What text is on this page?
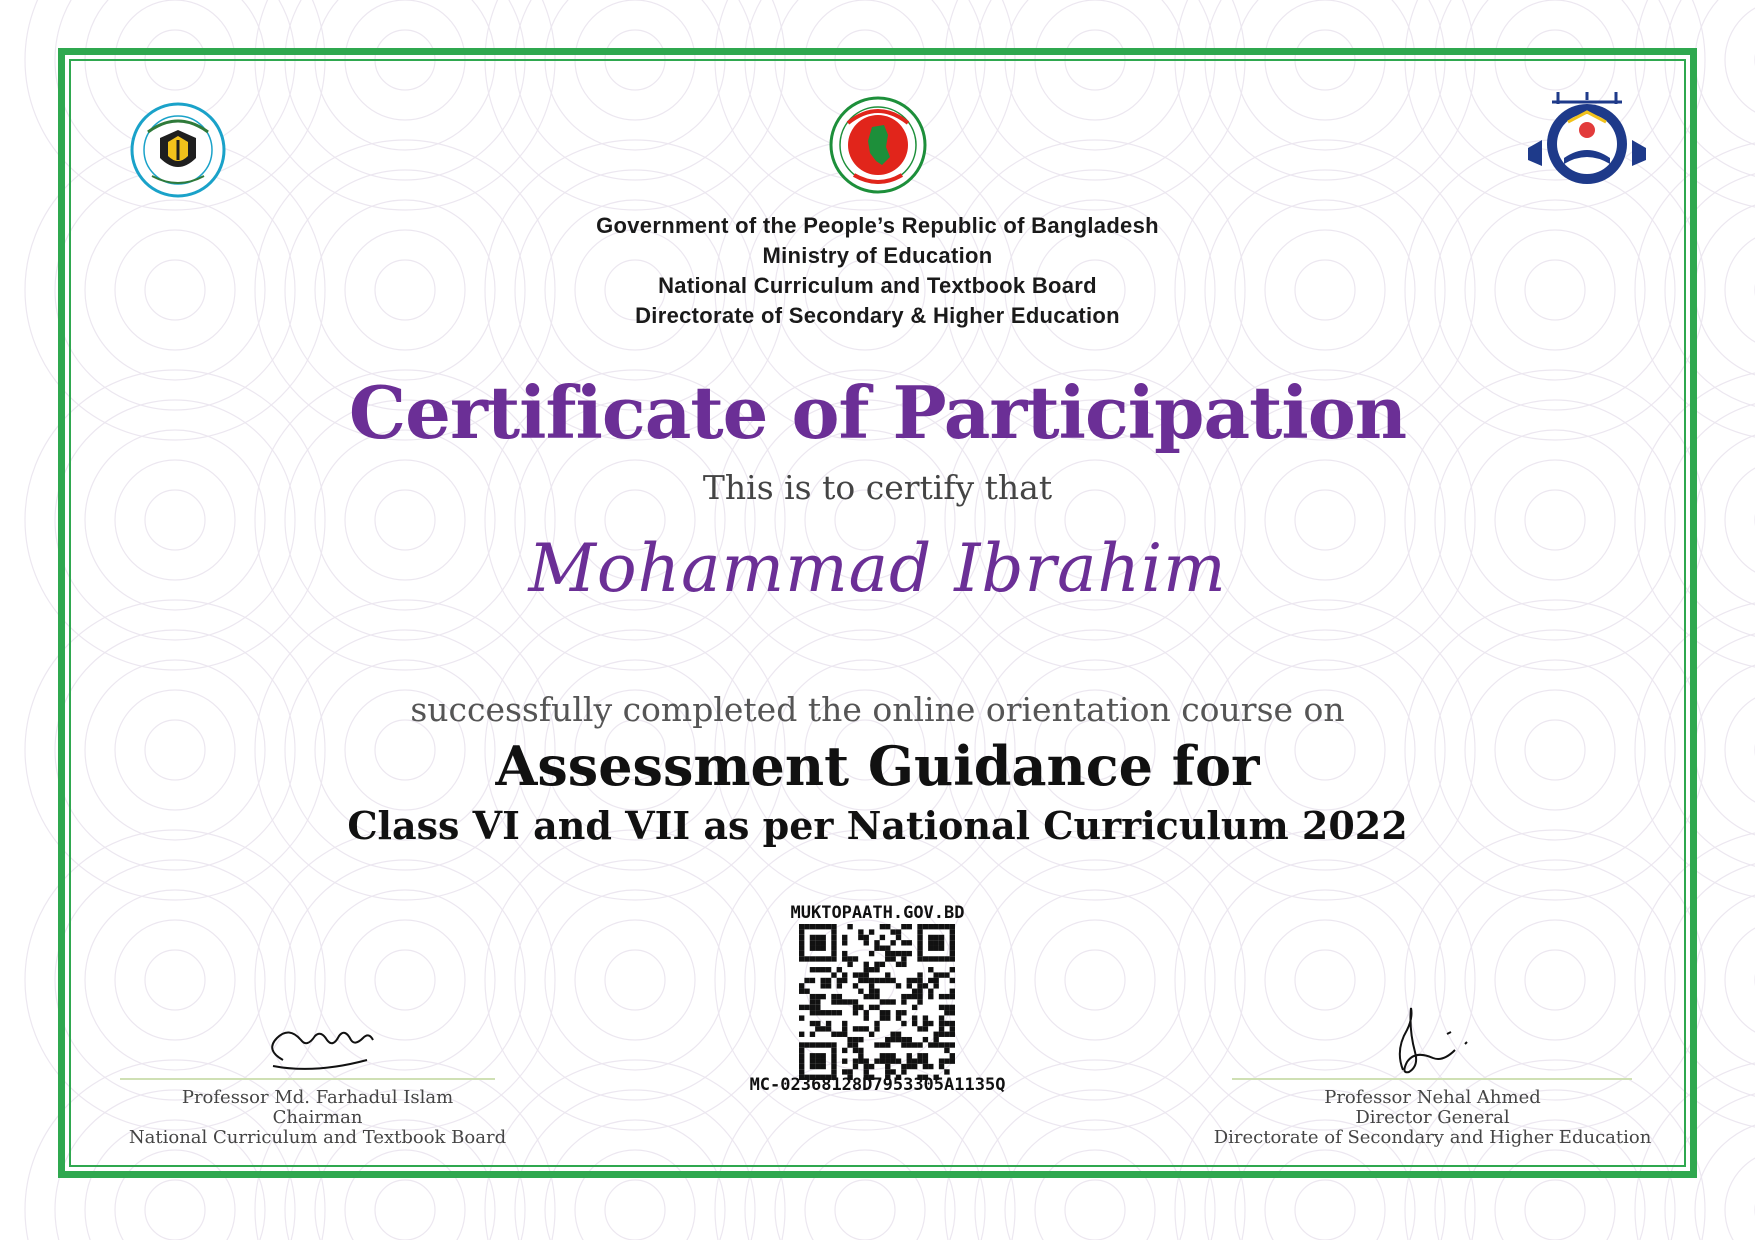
Government of the People’s Republic of Bangladesh
Ministry of Education
National Curriculum and Textbook Board
Directorate of Secondary & Higher Education
Certificate of Participation
This is to certify that
Mohammad Ibrahim
successfully completed the online orientation course on
Assessment Guidance for
Class VI and VII as per National Curriculum 2022
MUKTOPAATH.GOV.BD
MC-02368128D7953305A1135Q
Professor Md. Farhadul Islam
Chairman
National Curriculum and Textbook Board
Professor Nehal Ahmed
Director General
Directorate of Secondary and Higher Education
